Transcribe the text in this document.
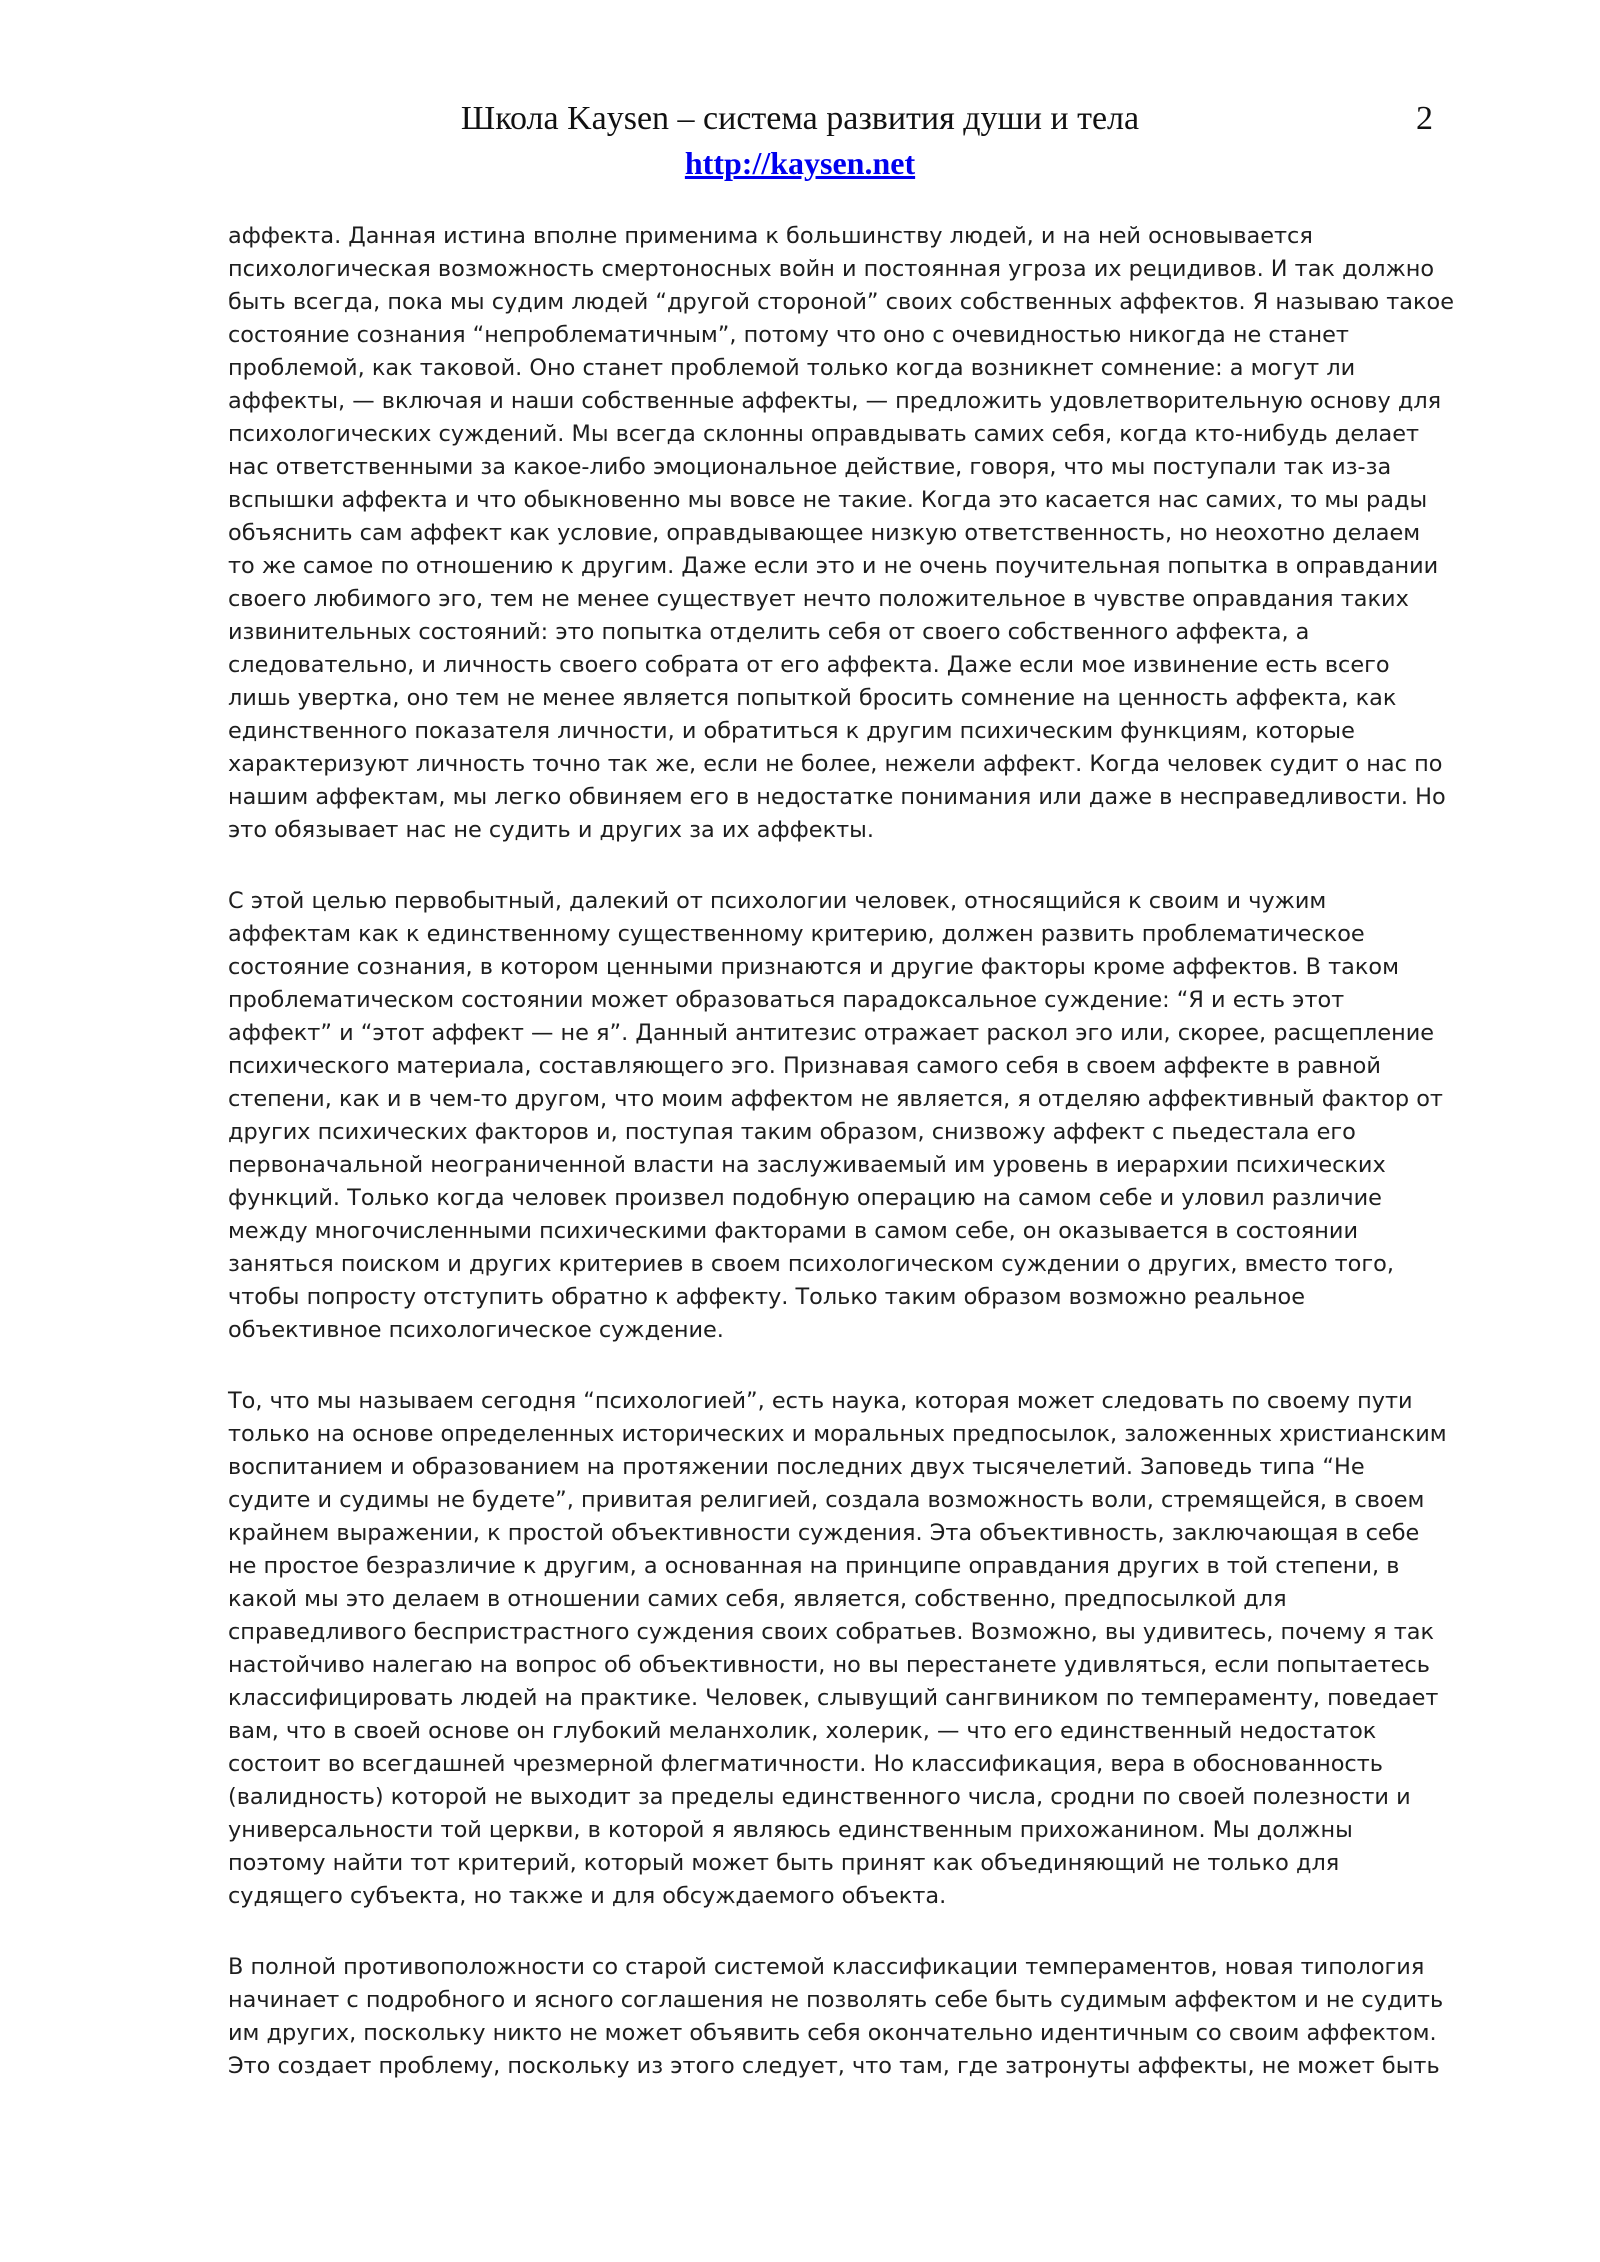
Школа Kaysen – система развития души и тела
http://kaysen.net
2

аффекта. Данная истина вполне применима к большинству людей, и на ней основывается психологическая возможность смертоносных войн и постоянная угроза их рецидивов. И так должно быть всегда, пока мы судим людей “другой стороной” своих собственных аффектов. Я называю такое состояние сознания “непроблематичным”, потому что оно с очевидностью никогда не станет проблемой, как таковой. Оно станет проблемой только когда возникнет сомнение: а могут ли аффекты, — включая и наши собственные аффекты, — предложить удовлетворительную основу для психологических суждений. Мы всегда склонны оправдывать самих себя, когда кто-нибудь делает нас ответственными за какое-либо эмоциональное действие, говоря, что мы поступали так из-за вспышки аффекта и что обыкновенно мы вовсе не такие. Когда это касается нас самих, то мы рады объяснить сам аффект как условие, оправдывающее низкую ответственность, но неохотно делаем то же самое по отношению к другим. Даже если это и не очень поучительная попытка в оправдании своего любимого эго, тем не менее существует нечто положительное в чувстве оправдания таких извинительных состояний: это попытка отделить себя от своего собственного аффекта, а следовательно, и личность своего собрата от его аффекта. Даже если мое извинение есть всего лишь увертка, оно тем не менее является попыткой бросить сомнение на ценность аффекта, как единственного показателя личности, и обратиться к другим психическим функциям, которые характеризуют личность точно так же, если не более, нежели аффект. Когда человек судит о нас по нашим аффектам, мы легко обвиняем его в недостатке понимания или даже в несправедливости. Но это обязывает нас не судить и других за их аффекты.

С этой целью первобытный, далекий от психологии человек, относящийся к своим и чужим аффектам как к единственному существенному критерию, должен развить проблематическое состояние сознания, в котором ценными признаются и другие факторы кроме аффектов. В таком проблематическом состоянии может образоваться парадоксальное суждение: “Я и есть этот аффект” и “этот аффект — не я”. Данный антитезис отражает раскол эго или, скорее, расщепление психического материала, составляющего эго. Признавая самого себя в своем аффекте в равной степени, как и в чем-то другом, что моим аффектом не является, я отделяю аффективный фактор от других психических факторов и, поступая таким образом, снизвожу аффект с пьедестала его первоначальной неограниченной власти на заслуживаемый им уровень в иерархии психических функций. Только когда человек произвел подобную операцию на самом себе и уловил различие между многочисленными психическими факторами в самом себе, он оказывается в состоянии заняться поиском и других критериев в своем психологическом суждении о других, вместо того, чтобы попросту отступить обратно к аффекту. Только таким образом возможно реальное объективное психологическое суждение.

То, что мы называем сегодня “психологией”, есть наука, которая может следовать по своему пути только на основе определенных исторических и моральных предпосылок, заложенных христианским воспитанием и образованием на протяжении последних двух тысячелетий. Заповедь типа “Не судите и судимы не будете”, привитая религией, создала возможность воли, стремящейся, в своем крайнем выражении, к простой объективности суждения. Эта объективность, заключающая в себе не простое безразличие к другим, а основанная на принципе оправдания других в той степени, в какой мы это делаем в отношении самих себя, является, собственно, предпосылкой для справедливого беспристрастного суждения своих собратьев. Возможно, вы удивитесь, почему я так настойчиво налегаю на вопрос об объективности, но вы перестанете удивляться, если попытаетесь классифицировать людей на практике. Человек, слывущий сангвиником по темпераменту, поведает вам, что в своей основе он глубокий меланхолик, холерик, — что его единственный недостаток состоит во всегдашней чрезмерной флегматичности. Но классификация, вера в обоснованность (валидность) которой не выходит за пределы единственного числа, сродни по своей полезности и универсальности той церкви, в которой я являюсь единственным прихожанином. Мы должны поэтому найти тот критерий, который может быть принят как объединяющий не только для судящего субъекта, но также и для обсуждаемого объекта.

В полной противоположности со старой системой классификации темпераментов, новая типология начинает с подробного и ясного соглашения не позволять себе быть судимым аффектом и не судить им других, поскольку никто не может объявить себя окончательно идентичным со своим аффектом. Это создает проблему, поскольку из этого следует, что там, где затронуты аффекты, не может быть
